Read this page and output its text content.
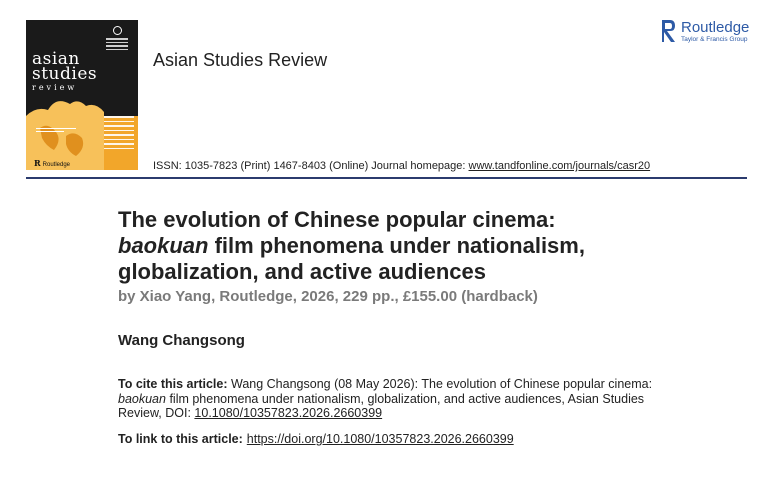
asian
studies
review
R Routledge
Asian Studies Review
Routledge
Taylor & Francis Group
ISSN: 1035-7823 (Print) 1467-8403 (Online) Journal homepage: www.tandfonline.com/journals/casr20
The evolution of Chinese popular cinema:
baokuan film phenomena under nationalism,
globalization, and active audiences
by Xiao Yang, Routledge, 2026, 229 pp., £155.00 (hardback)
Wang Changsong
To cite this article: Wang Changsong (08 May 2026): The evolution of Chinese popular cinema: baokuan film phenomena under nationalism, globalization, and active audiences, Asian Studies Review, DOI: 10.1080/10357823.2026.2660399
To link to this article: https://doi.org/10.1080/10357823.2026.2660399
